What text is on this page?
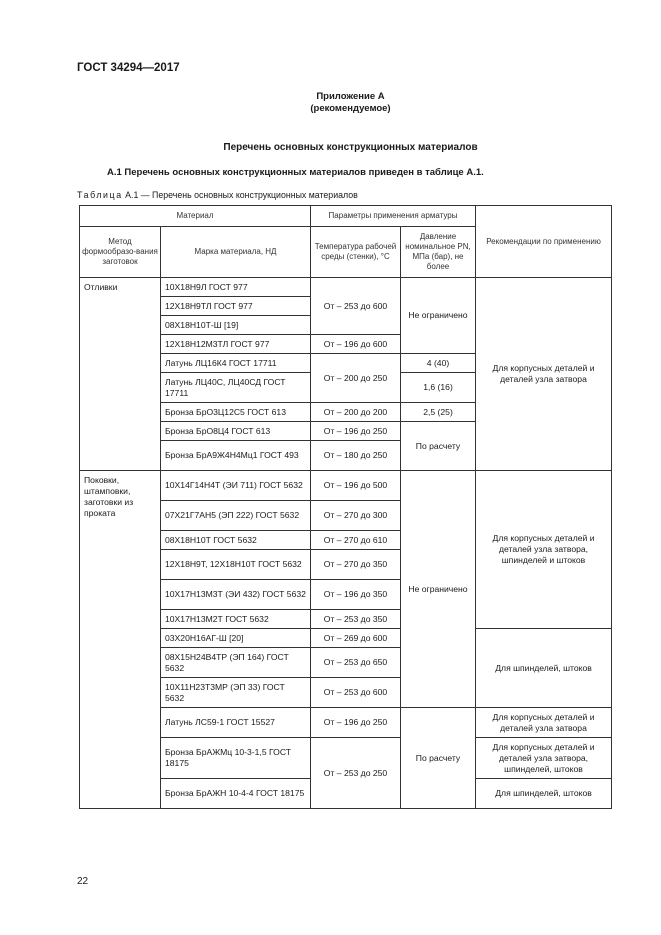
ГОСТ 34294—2017
Приложение А
(рекомендуемое)
Перечень основных конструкционных материалов
А.1 Перечень основных конструкционных материалов приведен в таблице А.1.
Таблица А.1 — Перечень основных конструкционных материалов
Материал		Параметры применения арматуры		Рекомендации по применению
Метод формообразо-вания заготовок	Марка материала, НД	Температура рабочей среды (стенки), °С	Давление номинальное PN, МПа (бар), не более	
Отливки	10Х18Н9Л ГОСТ 977	От – 253 до 600	Не ограничено	Для корпусных деталей и деталей узла затвора
	12Х18Н9ТЛ ГОСТ 977			
	08Х18Н10Т-Ш [19]			
	12Х18Н12М3ТЛ ГОСТ 977	От – 196 до 600		
	Латунь ЛЦ16К4 ГОСТ 17711	От – 200 до 250	4 (40)	
	Латунь ЛЦ40С, ЛЦ40СД ГОСТ 17711		1,6 (16)	
	Бронза БрО3Ц12С5 ГОСТ 613	От – 200 до 200	2,5 (25)	
	Бронза БрО8Ц4 ГОСТ 613	От – 196 до 250	По расчету	
	Бронза БрА9Ж4Н4Мц1 ГОСТ 493	От – 180 до 250		

Поковки, штамповки, заготовки из проката	10Х14Г14Н4Т (ЭИ 711) ГОСТ 5632	От – 196 до 500	Не ограничено	Для корпусных деталей и деталей узла затвора, шпинделей и штоков
	07Х21Г7АН5 (ЭП 222) ГОСТ 5632	От – 270 до 300		
	08Х18Н10Т ГОСТ 5632	От – 270 до 610		
	12Х18Н9Т, 12Х18Н10Т ГОСТ 5632	От – 270 до 350		
	10Х17Н13М3Т (ЭИ 432) ГОСТ 5632	От – 196 до 350		
	10Х17Н13М2Т ГОСТ 5632	От – 253 до 350		
	03Х20Н16АГ-Ш [20]	От – 269 до 600		Для шпинделей, штоков
	08Х15Н24В4ТР (ЭП 164) ГОСТ 5632	От – 253 до 650		
	10Х11Н23Т3МР (ЭП 33) ГОСТ 5632	От – 253 до 600		
	Латунь ЛС59-1 ГОСТ 15527	От – 196 до 250	По расчету	Для корпусных деталей и деталей узла затвора
	Бронза БрАЖМц 10-3-1,5 ГОСТ 18175	От – 253 до 250		Для корпусных деталей и деталей узла затвора, шпинделей, штоков
	Бронза БрАЖН 10-4-4 ГОСТ 18175			Для шпинделей, штоков
22
